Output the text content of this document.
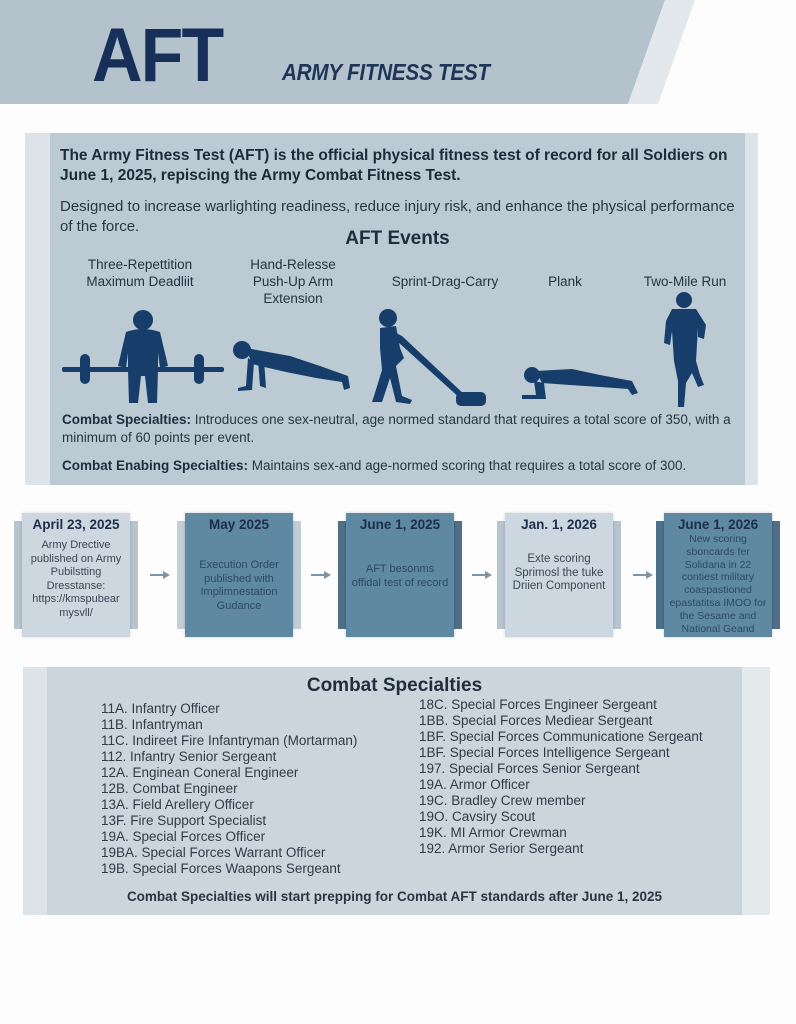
AFT	ARMY FITNESS TEST

The Army Fitness Test (AFT) is the official physical fitness test of record for all Soldiers on June 1, 2025, repiscing the Army Combat Fitness Test.

Designed to increase warlighting readiness, reduce injury risk, and enhance the physical performance of the force.

AFT Events
Three-Repettition Maximum Deadliit
Hand-Relesse Push-Up Arm Extension
Sprint-Drag-Carry	Plank	Two-Mile Run

Combat Specialties: Introduces one sex-neutral, age normed standard that requires a total score of 350, with a minimum of 60 points per event.

Combat Enabing Specialties: Maintains sex-and age-normed scoring that requires a total score of 300.

April 23, 2025
Army Drective published on Army Pubilstting Dresstanse: https://kmspubear mysvll/
May 2025
Execution Order published with Implimnestation Gudance
June 1, 2025
AFT besonms offidal test of record
Jan. 1, 2026
Exte scoring Sprimosl the tuke Driien Component
June 1, 2026
New scoring sboncards fer Solidana in 22 contiest military coaspastioned epastatitsa IMOO for the Sesame and National Geand
Combat Specialties
11A. Infantry Officer
11B. Infantryman
11C. Indireet Fire Infantryman (Mortarman)
112. Infantry Senior Sergeant
12A. Enginean Coneral Engineer
12B. Combat Engineer
13A. Field Arellery Officer
13F. Fire Support Specialist
19A. Special Forces Officer
19BA. Special Forces Warrant Officer
19B. Special Forces Waapons Sergeant
18C. Special Forces Engineer Sergeant
1BB. Special Forces Mediear Sergeant
1BF. Special Forces Communicatione Sergeant
1BF. Special Forces Intelligence Sergeant
197. Special Forces Senior Sergeant
19A. Armor Officer
19C. Bradley Crew member
19O. Cavsiry Scout
19K. MI Armor Crewman
192. Armor Serior Sergeant

Combat Specialties will start prepping for Combat AFT standards after June 1, 2025
